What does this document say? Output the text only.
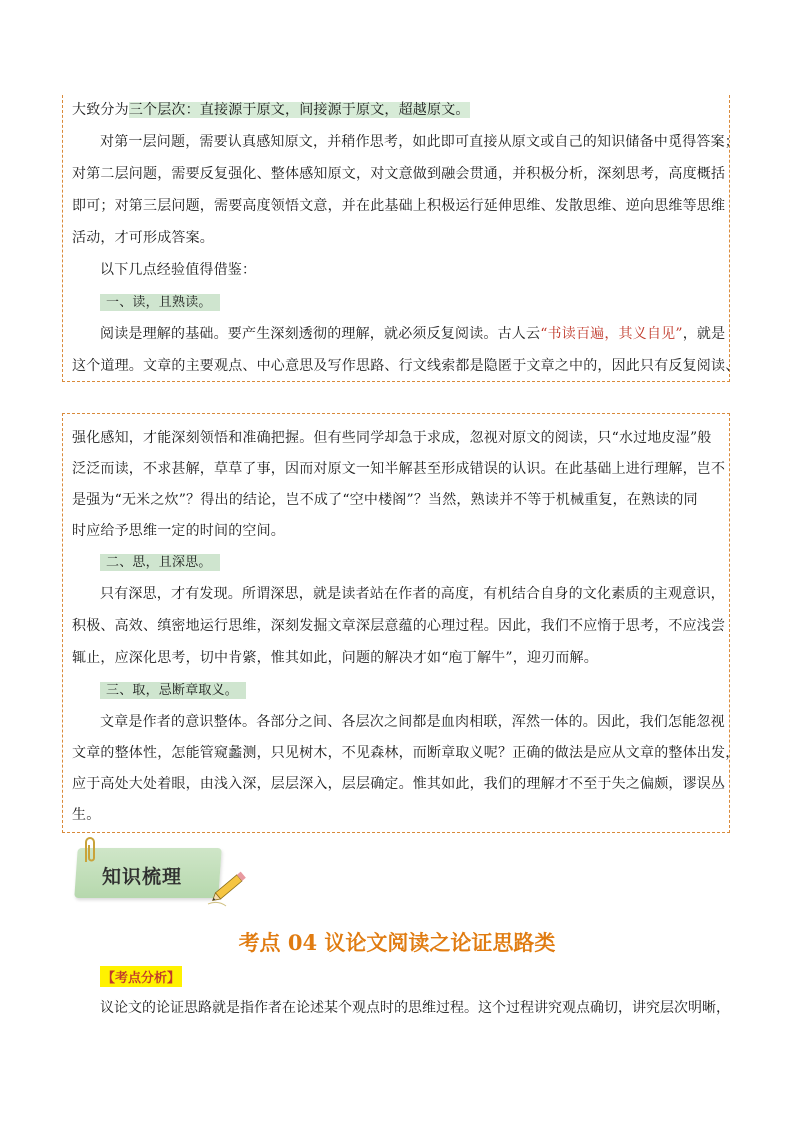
大致分为三个层次：直接源于原文，间接源于原文，超越原文。
对第一层问题，需要认真感知原文，并稍作思考，如此即可直接从原文或自己的知识储备中觅得答案；
对第二层问题，需要反复强化、整体感知原文，对文意做到融会贯通，并积极分析，深刻思考，高度概括
即可；对第三层问题，需要高度领悟文意，并在此基础上积极运行延伸思维、发散思维、逆向思维等思维
活动，才可形成答案。
以下几点经验值得借鉴：
一、读，且熟读。
阅读是理解的基础。要产生深刻透彻的理解，就必须反复阅读。古人云“书读百遍，其义自见”，就是
这个道理。文章的主要观点、中心意思及写作思路、行文线索都是隐匿于文章之中的，因此只有反复阅读、
强化感知，才能深刻领悟和准确把握。但有些同学却急于求成，忽视对原文的阅读，只“水过地皮湿”般
泛泛而读，不求甚解，草草了事，因而对原文一知半解甚至形成错误的认识。在此基础上进行理解，岂不
是强为“无米之炊”？得出的结论，岂不成了“空中楼阁”？当然，熟读并不等于机械重复，在熟读的同
时应给予思维一定的时间的空间。
二、思，且深思。
只有深思，才有发现。所谓深思，就是读者站在作者的高度，有机结合自身的文化素质的主观意识，
积极、高效、缜密地运行思维，深刻发掘文章深层意蕴的心理过程。因此，我们不应惰于思考，不应浅尝
辄止，应深化思考，切中肯綮，惟其如此，问题的解决才如“庖丁解牛”，迎刃而解。
三、取，忌断章取义。
文章是作者的意识整体。各部分之间、各层次之间都是血肉相联，浑然一体的。因此，我们怎能忽视
文章的整体性，怎能管窥蠡测，只见树木，不见森林，而断章取义呢？正确的做法是应从文章的整体出发，
应于高处大处着眼，由浅入深，层层深入，层层确定。惟其如此，我们的理解才不至于失之偏颇，谬误丛
生。
知识梳理
考点 04 议论文阅读之论证思路类
【考点分析】
议论文的论证思路就是指作者在论述某个观点时的思维过程。这个过程讲究观点确切，讲究层次明晰，
